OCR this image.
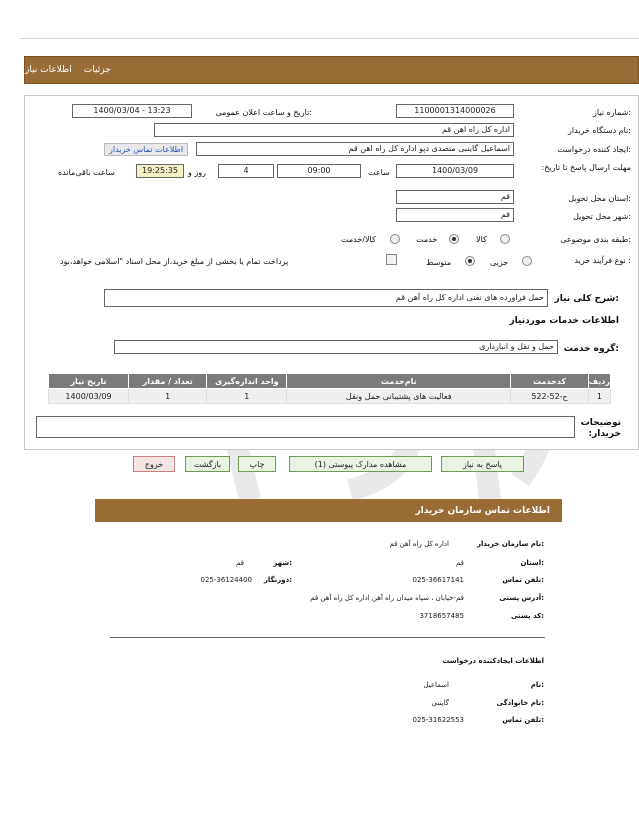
جزئیات
اطلاعات نیاز
شماره نیاز:
1100001314000026
تاریخ و ساعت اعلان عمومی:
1400/03/04 - 13:23
نام دستگاه خریدار:
اداره کل راه اهن قم
ایجاد کننده درخواست:
اسماعیل گاینبی متصدی دپو اداره کل راه اهن قم
اطلاعات تماس خریدار
مهلت ارسال پاسخ تا تاریخ:
1400/03/09
ساعت
09:00
4
روز و
19:25:35
ساعت باقی‌مانده
استان محل تحویل:
قم
شهر محل تحویل:
قم
طبقه بندی موضوعی:
کالا
خدمت
کالا/خدمت
نوع فرآیند خرید :
جزیی
متوسط
پرداخت تمام یا بخشی از مبلغ خرید،از محل اسناد "اسلامی خواهد،بود
شرح کلی نیاز:
حمل فراورده های نفتی اداره کل راه آهن قم
اطلاعات خدمات موردنیاز
گروه خدمت:
حمل و نقل و انبارداری
ردیف	کدخدمت	نام‌خدمت	واحد اندازه‌گیری	تعداد / مقدار	تاریخ نیاز
1	ح-52-522	فعالیت های پشتیبانی حمل ونقل	1	1	1400/03/09
توضیحات خریدار:
پاسخ به نیاز
مشاهده مدارک پیوستی (1)
چاپ
بازگشت
خروج
اطلاعات تماس سازمان خریدار
نام سازمان خریدار:
اداره کل راه آهن قم
استان:
قم
شهر:
قم
تلفن تماس:
025-36617141
دورنگار:
025-36124400
آدرس پستی:
قم-خیابان ، سپاه میدان راه آهن اداره کل راه آهن قم
کد پستی:
3718657485
اطلاعات ایجادکننده درخواست
نام:
اسماعیل
نام خانوادگی:
گاینبی
تلفن تماس:
025-31622553
